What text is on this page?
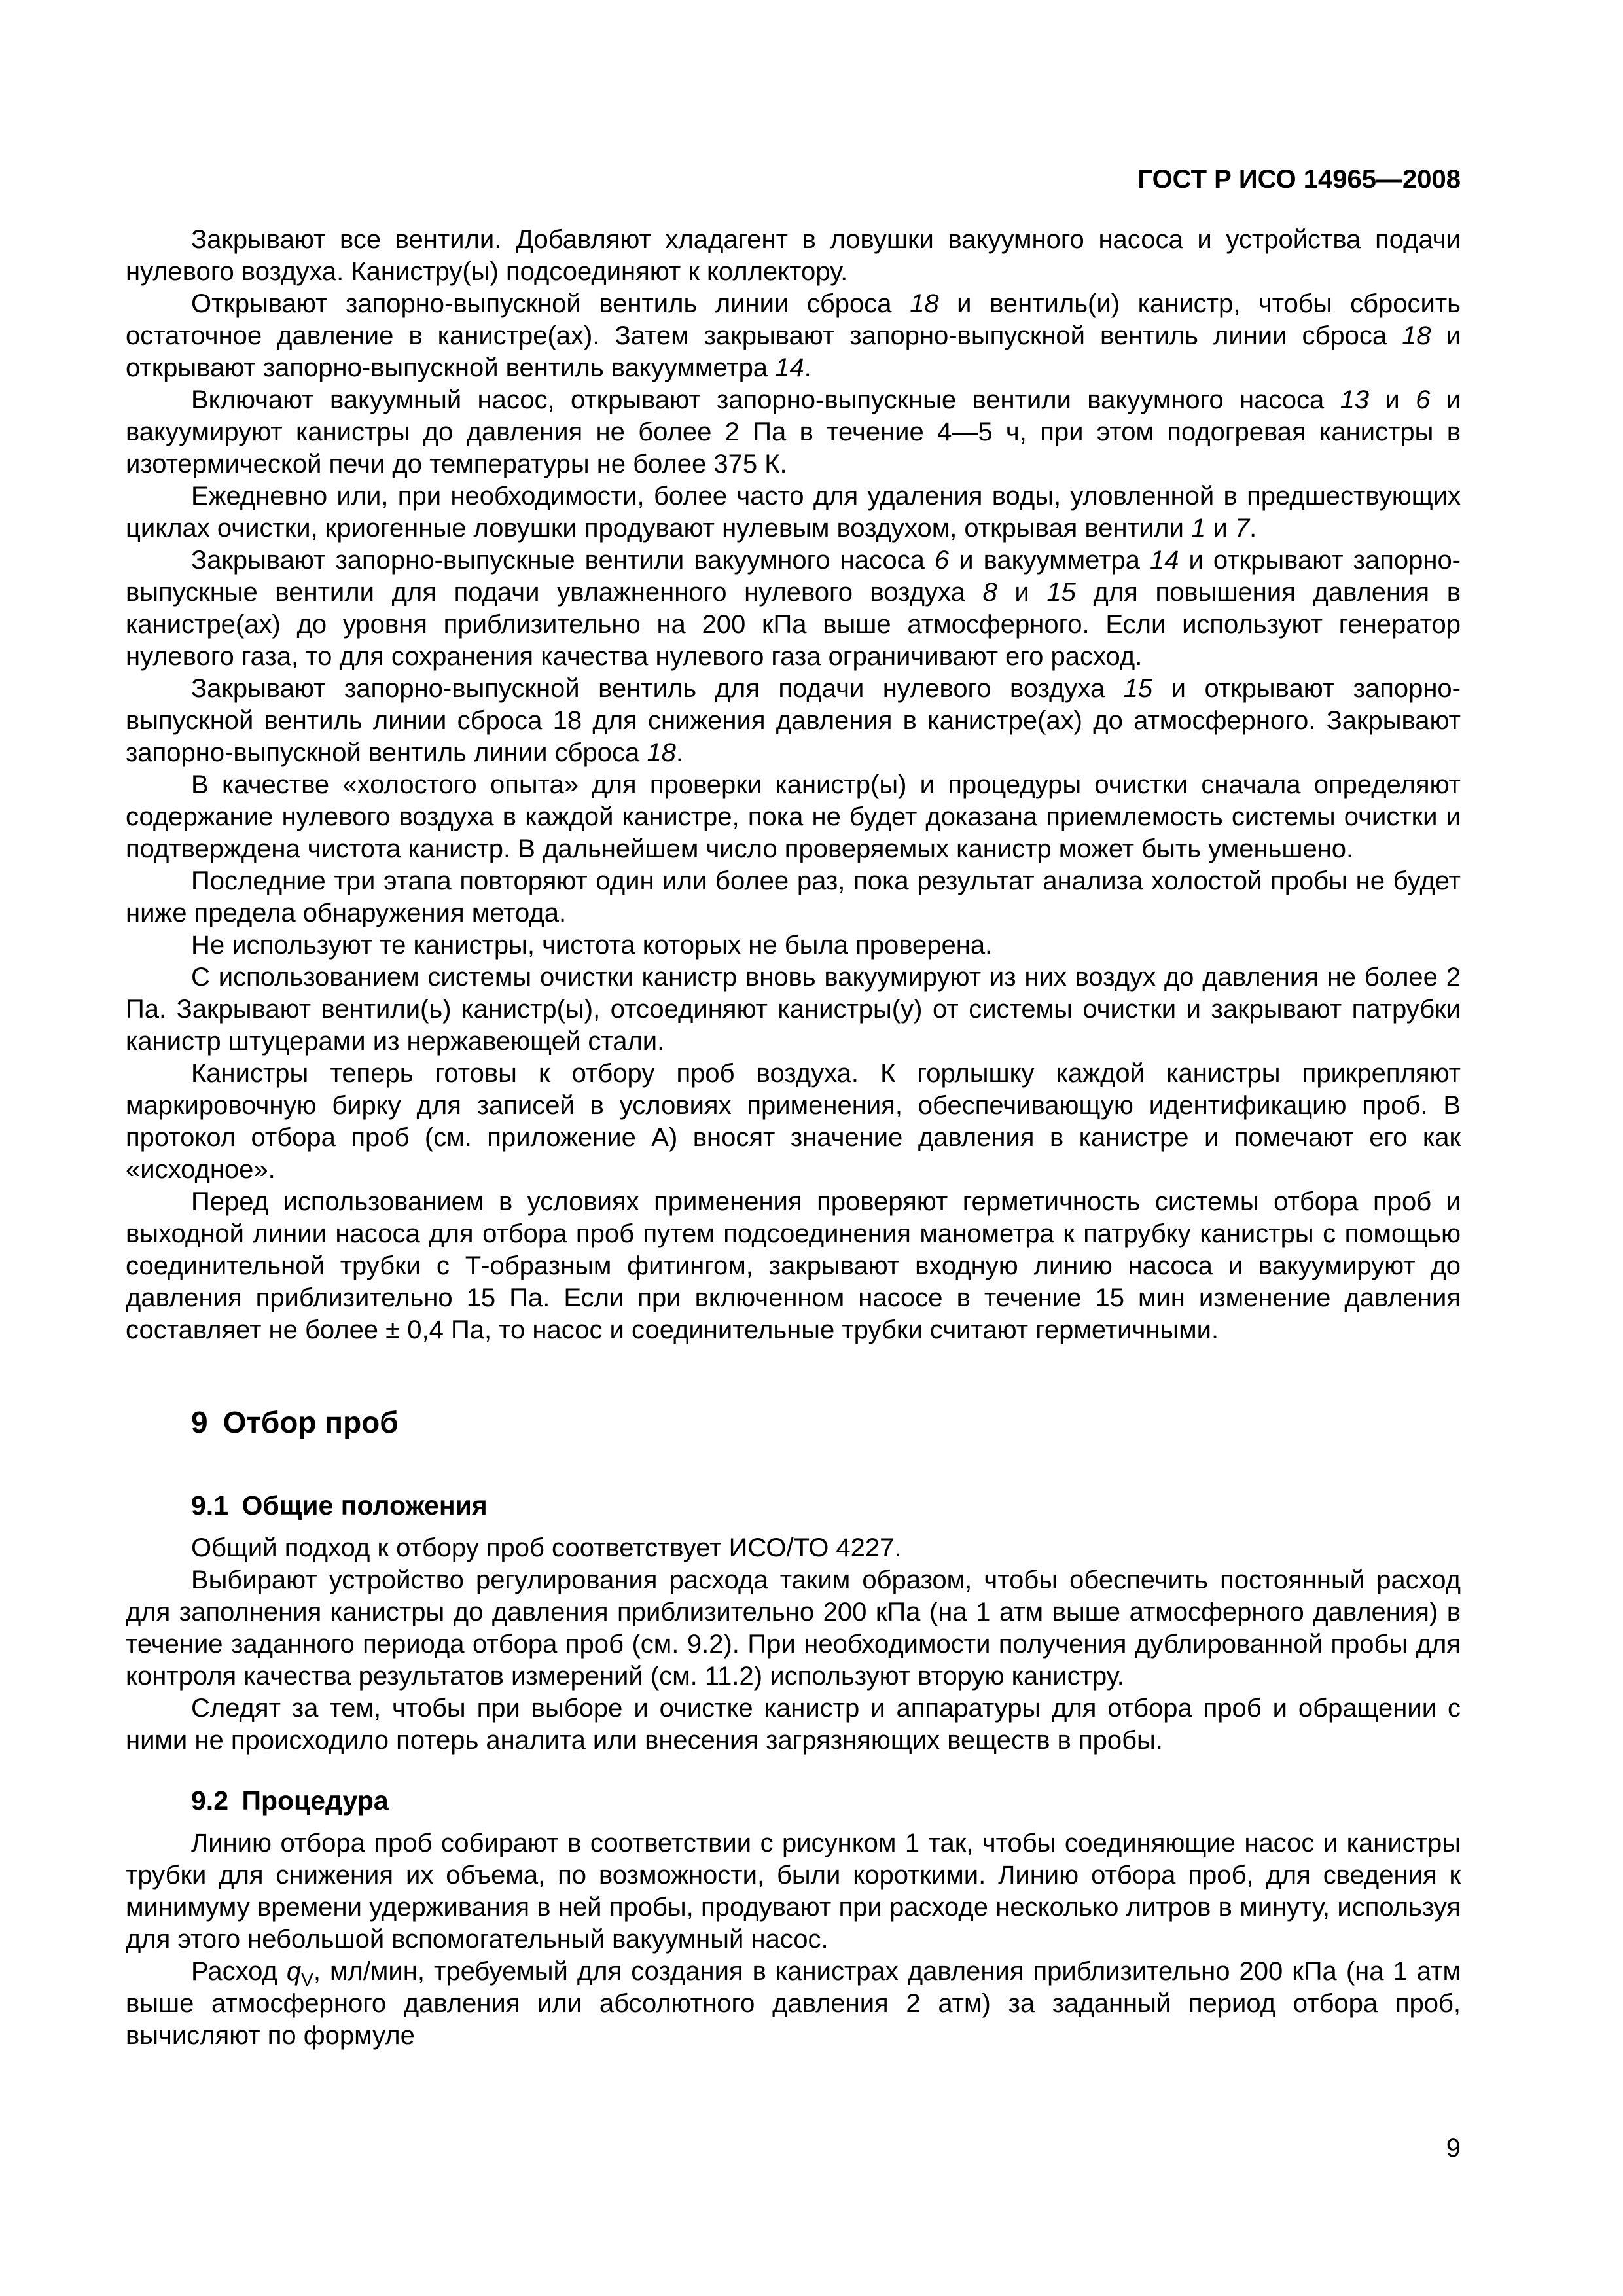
ГОСТ Р ИСО 14965—2008

Закрывают все вентили. Добавляют хладагент в ловушки вакуумного насоса и устройства подачи нулевого воздуха. Канистру(ы) подсоединяют к коллектору.

Открывают запорно-выпускной вентиль линии сброса 18 и вентиль(и) канистр, чтобы сбросить остаточное давление в канистре(ах). Затем закрывают запорно-выпускной вентиль линии сброса 18 и открывают запорно-выпускной вентиль вакуумметра 14.

Включают вакуумный насос, открывают запорно-выпускные вентили вакуумного насоса 13 и 6 и вакуумируют канистры до давления не более 2 Па в течение 4—5 ч, при этом подогревая канистры в изотермической печи до температуры не более 375 К.

Ежедневно или, при необходимости, более часто для удаления воды, уловленной в предшествующих циклах очистки, криогенные ловушки продувают нулевым воздухом, открывая вентили 1 и 7.

Закрывают запорно-выпускные вентили вакуумного насоса 6 и вакуумметра 14 и открывают запорно-выпускные вентили для подачи увлажненного нулевого воздуха 8 и 15 для повышения давления в канистре(ах) до уровня приблизительно на 200 кПа выше атмосферного. Если используют генератор нулевого газа, то для сохранения качества нулевого газа ограничивают его расход.

Закрывают запорно-выпускной вентиль для подачи нулевого воздуха 15 и открывают запорно-выпускной вентиль линии сброса 18 для снижения давления в канистре(ах) до атмосферного. Закрывают запорно-выпускной вентиль линии сброса 18.

В качестве «холостого опыта» для проверки канистр(ы) и процедуры очистки сначала определяют содержание нулевого воздуха в каждой канистре, пока не будет доказана приемлемость системы очистки и подтверждена чистота канистр. В дальнейшем число проверяемых канистр может быть уменьшено.

Последние три этапа повторяют один или более раз, пока результат анализа холостой пробы не будет ниже предела обнаружения метода.

Не используют те канистры, чистота которых не была проверена.

С использованием системы очистки канистр вновь вакуумируют из них воздух до давления не более 2 Па. Закрывают вентили(ь) канистр(ы), отсоединяют канистры(у) от системы очистки и закрывают патрубки канистр штуцерами из нержавеющей стали.

Канистры теперь готовы к отбору проб воздуха. К горлышку каждой канистры прикрепляют маркировочную бирку для записей в условиях применения, обеспечивающую идентификацию проб. В протокол отбора проб (см. приложение А) вносят значение давления в канистре и помечают его как «исходное».

Перед использованием в условиях применения проверяют герметичность системы отбора проб и выходной линии насоса для отбора проб путем подсоединения манометра к патрубку канистры с помощью соединительной трубки с Т-образным фитингом, закрывают входную линию насоса и вакуумируют до давления приблизительно 15 Па. Если при включенном насосе в течение 15 мин изменение давления составляет не более ± 0,4 Па, то насос и соединительные трубки считают герметичными.

9 Отбор проб
9.1 Общие положения

Общий подход к отбору проб соответствует ИСО/ТО 4227.

Выбирают устройство регулирования расхода таким образом, чтобы обеспечить постоянный расход для заполнения канистры до давления приблизительно 200 кПа (на 1 атм выше атмосферного давления) в течение заданного периода отбора проб (см. 9.2). При необходимости получения дублированной пробы для контроля качества результатов измерений (см. 11.2) используют вторую канистру.

Следят за тем, чтобы при выборе и очистке канистр и аппаратуры для отбора проб и обращении с ними не происходило потерь аналита или внесения загрязняющих веществ в пробы.

9.2 Процедура

Линию отбора проб собирают в соответствии с рисунком 1 так, чтобы соединяющие насос и канистры трубки для снижения их объема, по возможности, были короткими. Линию отбора проб, для сведения к минимуму времени удерживания в ней пробы, продувают при расходе несколько литров в минуту, используя для этого небольшой вспомогательный вакуумный насос.

Расход $q_V$, мл/мин, требуемый для создания в канистрах давления приблизительно 200 кПа (на 1 атм выше атмосферного давления или абсолютного давления 2 атм) за заданный период отбора проб, вычисляют по формуле

9
